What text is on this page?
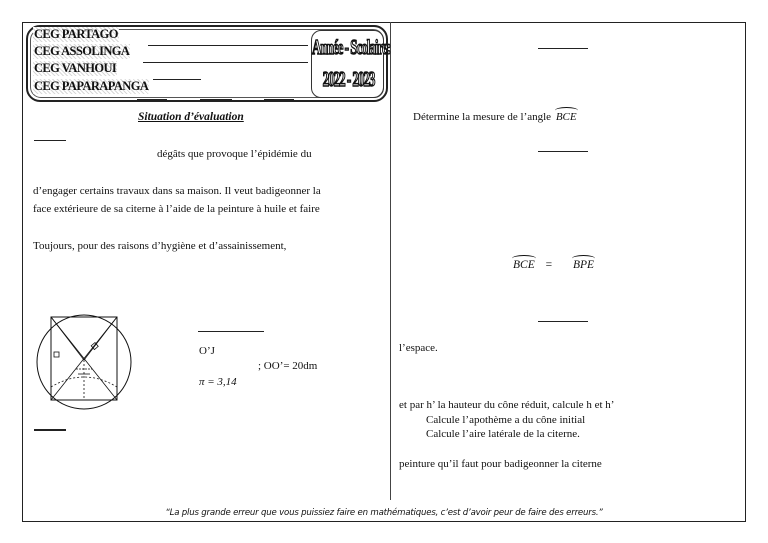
CEG PARTAGO
CEG ASSOLINGA
CEG VANHOUI
CEG PAPARAPANGA
Année - Scolaire:
2022 - 2023
Situation d’évaluation
dégâts que provoque l’épidémie du
d’engager certains travaux dans sa maison. Il veut badigeonner la
face extérieure de sa citerne à l’aide de la peinture à huile et faire
Toujours, pour des raisons d’hygiène et d’assainissement,
O’J
; OO’= 20dm
π = 3,14
Détermine la mesure de l’angle BCE
BCE = BPE
l’espace.
et par h’ la hauteur du cône réduit, calcule h et h’
Calcule l’apothème a du cône initial
Calcule l’aire latérale de la citerne.
peinture qu’il faut pour badigeonner la citerne
“La plus grande erreur que vous puissiez faire en mathématiques, c’est d’avoir peur de faire des erreurs.”
